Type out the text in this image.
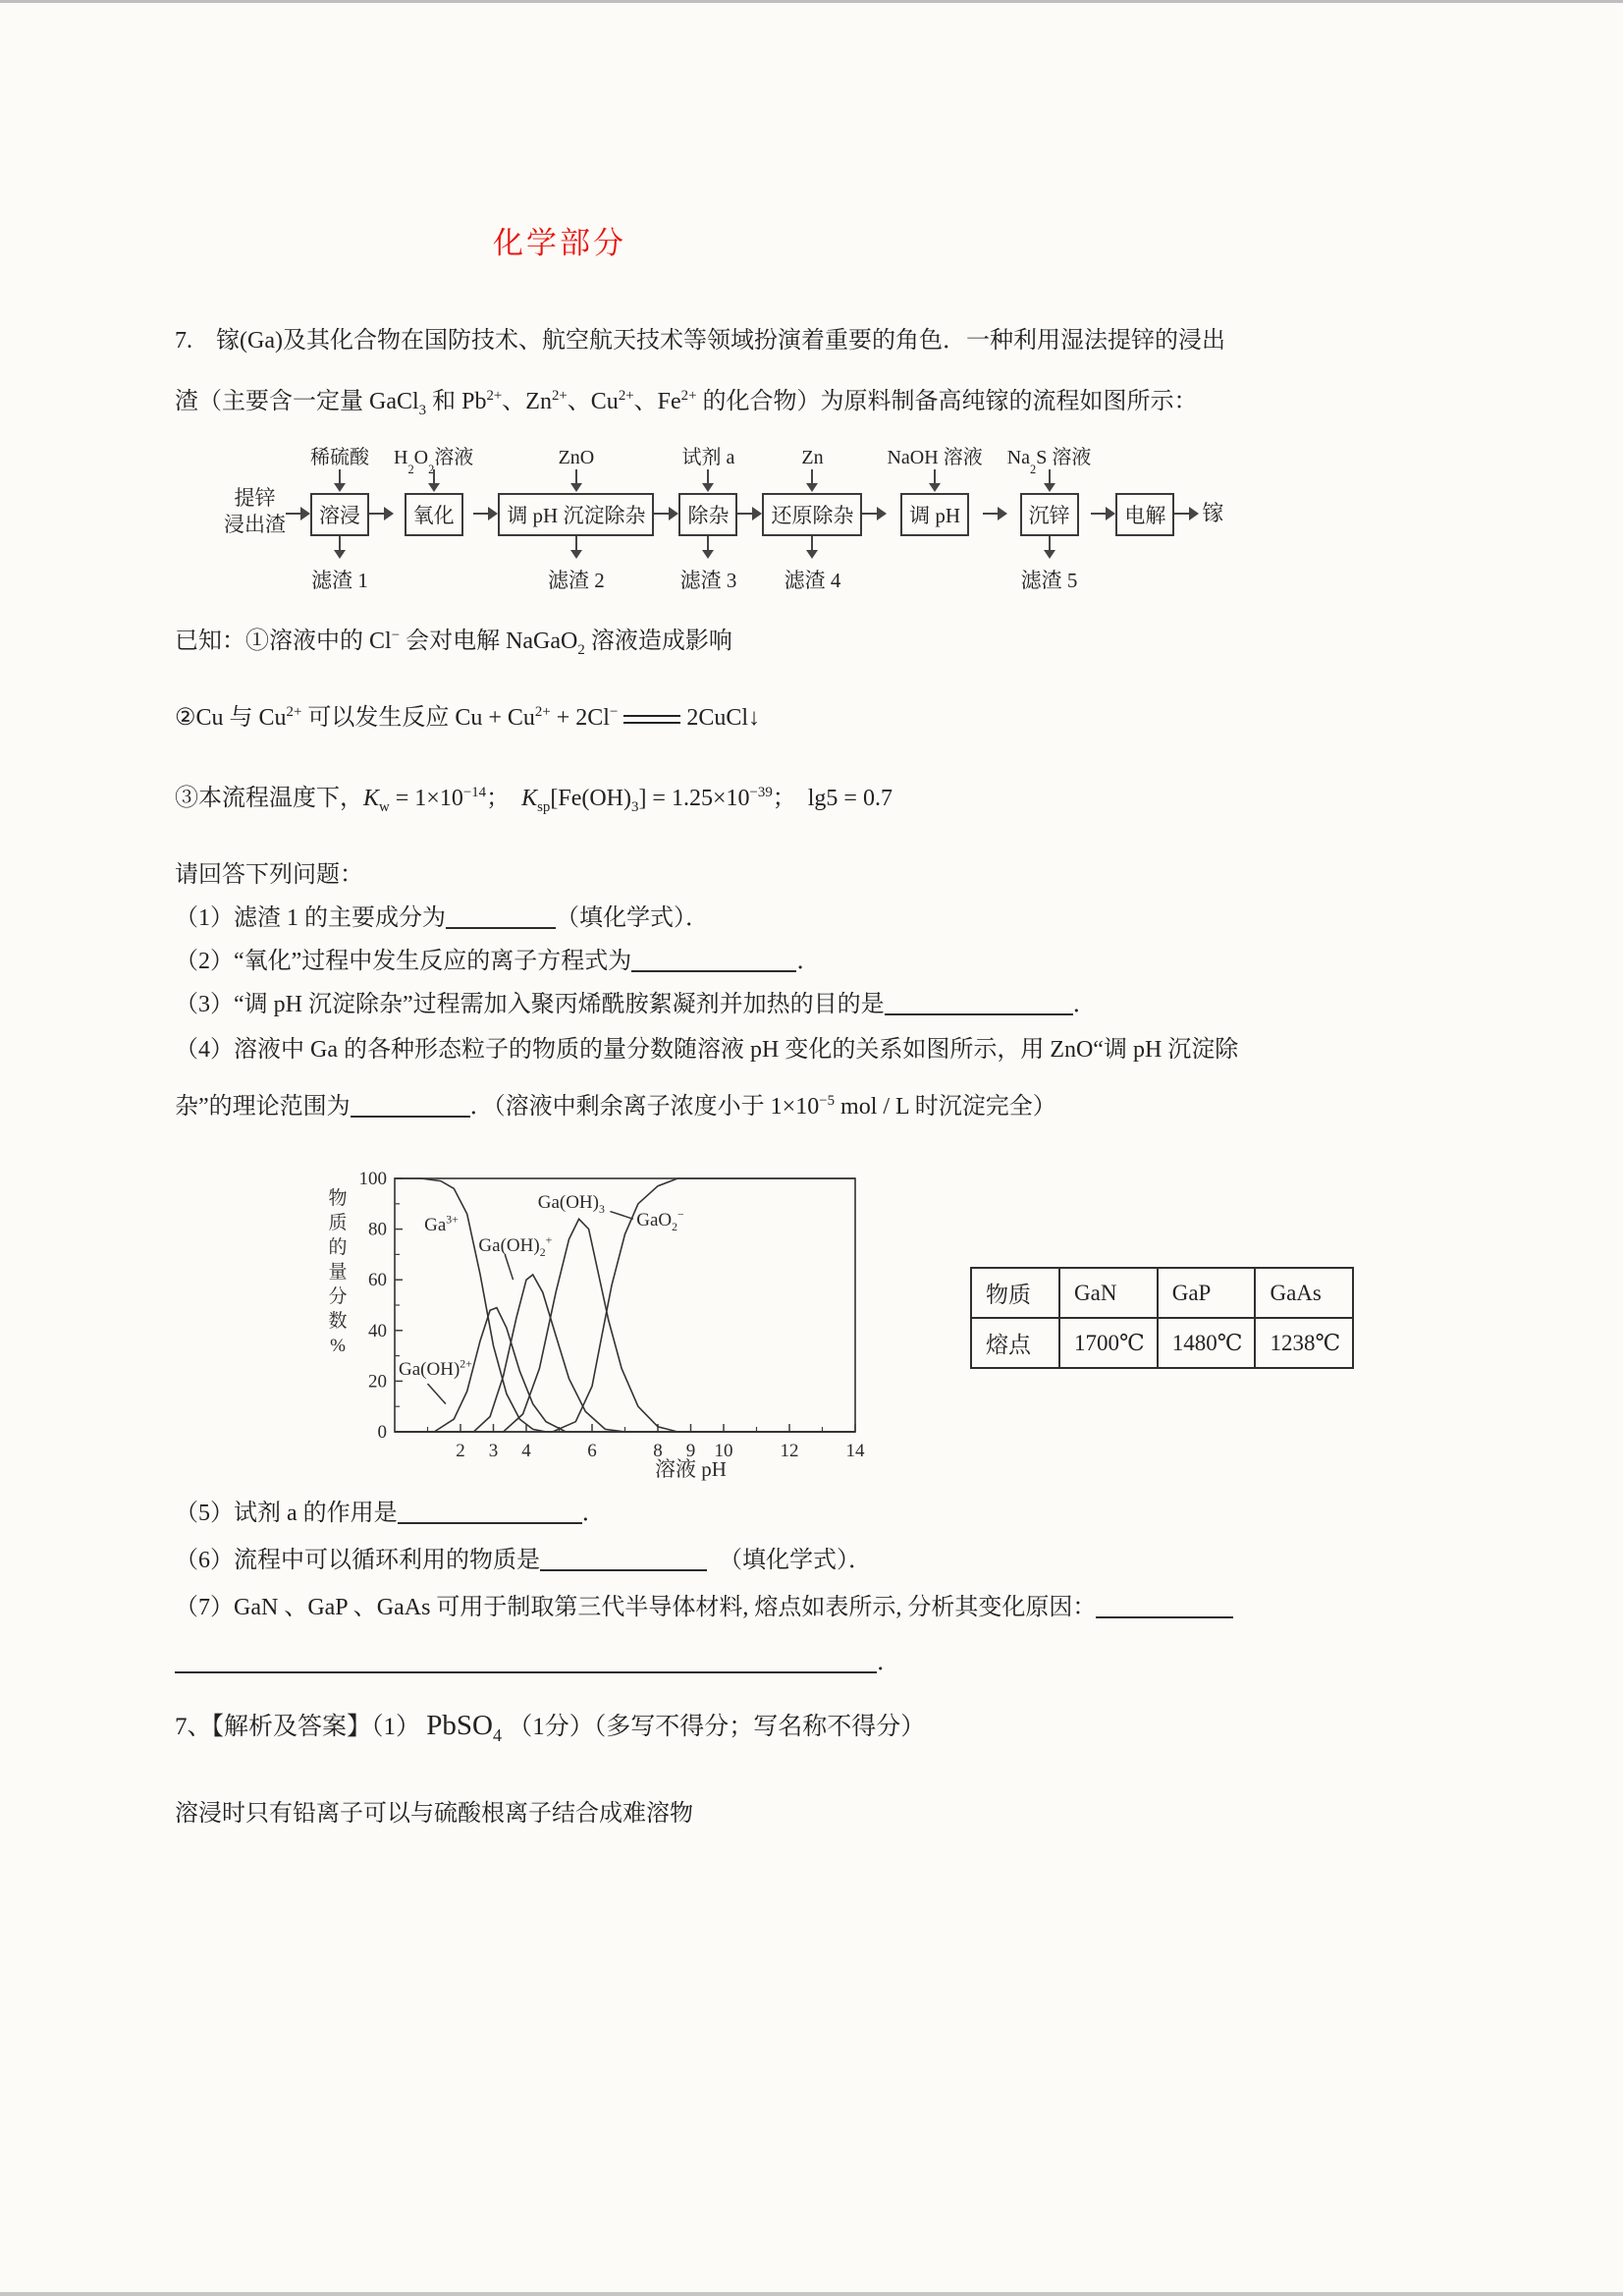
化学部分
7.　镓(Ga)及其化合物在国防技术、航空航天技术等领域扮演着重要的角色．一种利用湿法提锌的浸出
渣（主要含一定量 GaCl$_3$ 和 $Pb^{2+}$、$Zn^{2+}$、$Cu^{2+}$、$Fe^{2+}$ 的化合物）为原料制备高纯镓的流程如图所示：
提锌
浸出渣
稀硫酸
溶浸
滤渣 1
H
2
O
2
溶液
氧化
ZnO
调 pH 沉淀除杂
滤渣 2
试剂 a
除杂
滤渣 3
Zn
还原除杂
滤渣 4
NaOH 溶液
调 pH
Na
2
S 溶液
沉锌
滤渣 5
电解	镓
已知：①溶液中的 Cl− 会对电解 NaGaO$_2$ 溶液造成影响
②Cu 与 $Cu^{2+}$ 可以发生反应 $Cu + Cu^{2+} + 2Cl^-$	2CuCl↓
③本流程温度下，$K_w = 1\times 10^{-14}$；　$K_{sp}[Fe(OH)_3] = 1.25\times 10^{-39}$；　lg5 = 0.7
请回答下列问题：
（1）滤渣 1 的主要成分为	（填化学式）．
（2）“氧化”过程中发生反应的离子方程式为	．
（3）“调 pH 沉淀除杂”过程需加入聚丙烯酰胺絮凝剂并加热的目的是	．
（4）溶液中 Ga 的各种形态粒子的物质的量分数随溶液 pH 变化的关系如图所示，用 ZnO“调 pH 沉淀除
杂”的理论范围为	．（溶液中剩余离子浓度小于 $1\times 10^{-5}$ mol / L 时沉淀完全）
0
20
40
60
80
100
2 3 4	6	8 9 10	12	14
物
质
的
量
分
数
%
溶液 pH
$Ga^{3+}$
$Ga(OH)_2^+$
$Ga(OH)_3$
GaO$_2$−
Ga(OH)$^{2+}$
物质	GaN	GaP	GaAs
熔点	1700℃	1480℃	1238℃
（5）试剂 a 的作用是	．
（6）流程中可以循环利用的物质是	　（填化学式）．
（7）GaN 、GaP 、GaAs 可用于制取第三代半导体材料, 熔点如表所示, 分析其变化原因：
．
7、【解析及答案】（1） PbSO$_4$ （1分）（多写不得分；写名称不得分）
溶浸时只有铅离子可以与硫酸根离子结合成难溶物
